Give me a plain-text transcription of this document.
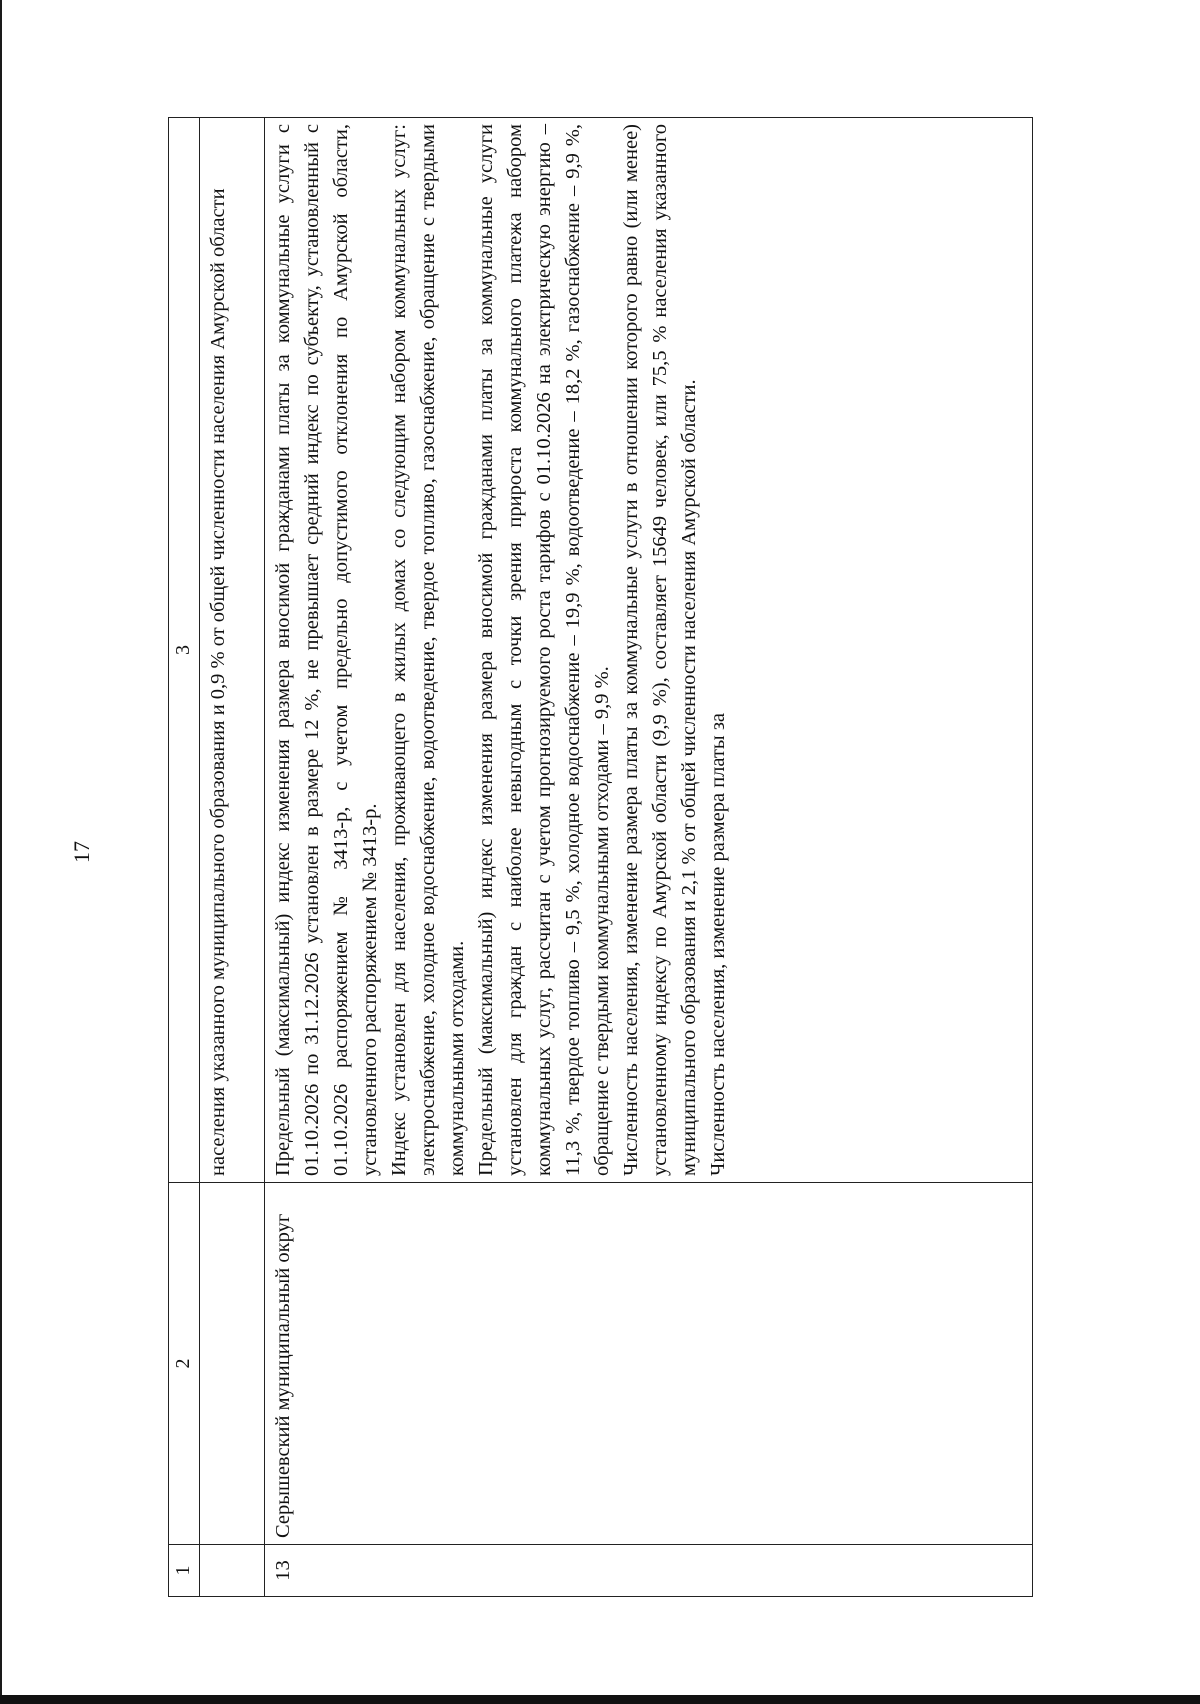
17
1	2	3

		населения указанного муниципального образования и 0,9 % от общей численности населения Амурской области

13	Серышевский муниципальный округ	Предельный (максимальный) индекс изменения размера вносимой гражданами платы за коммунальные услуги с 01.10.2026 по 31.12.2026 установлен в размере 12 %, не превышает средний индекс по субъекту, установленный с 01.10.2026 распоряжением № 3413-р, с учетом предельно допустимого отклонения по Амурской области, установленного распоряжением № 3413-р. Индекс установлен для населения, проживающего в жилых домах со следующим набором коммунальных услуг: электроснабжение, холодное водоснабжение, водоотведение, твердое топливо, газоснабжение, обращение с твердыми коммунальными отходами. Предельный (максимальный) индекс изменения размера вносимой гражданами платы за коммунальные услуги установлен для граждан с наиболее невыгодным с точки зрения прироста коммунального платежа набором коммунальных услуг, рассчитан с учетом прогнозируемого роста тарифов с 01.10.2026 на электрическую энергию – 11,3 %, твердое топливо – 9,5 %, холодное водоснабжение – 19,9 %, водоотведение – 18,2 %, газоснабжение – 9,9 %, обращение с твердыми коммунальными отходами – 9,9 %. Численность населения, изменение размера платы за коммунальные услуги в отношении которого равно (или менее) установленному индексу по Амурской области (9,9 %), составляет 15649 человек, или 75,5 % населения указанного муниципального образования и 2,1 % от общей численности населения Амурской области. Численность населения, изменение размера платы за
